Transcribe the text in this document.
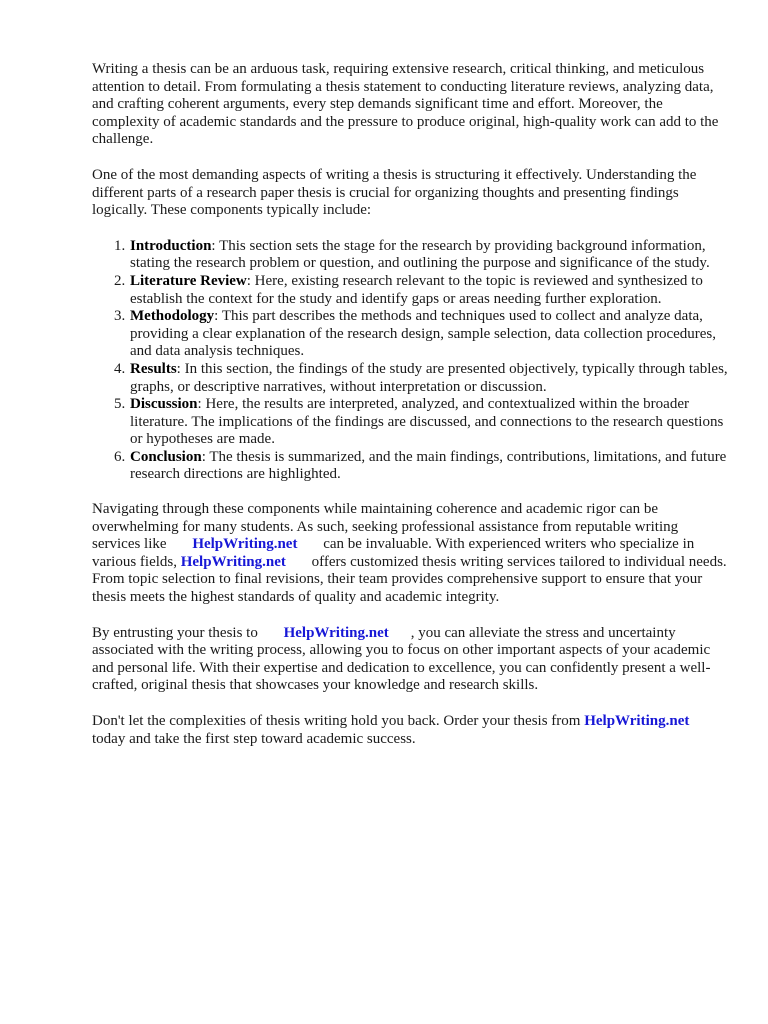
Writing a thesis can be an arduous task, requiring extensive research, critical thinking, and meticulous attention to detail. From formulating a thesis statement to conducting literature reviews, analyzing data, and crafting coherent arguments, every step demands significant time and effort. Moreover, the complexity of academic standards and the pressure to produce original, high-quality work can add to the challenge.

One of the most demanding aspects of writing a thesis is structuring it effectively. Understanding the different parts of a research paper thesis is crucial for organizing thoughts and presenting findings logically. These components typically include:

1. Introduction: This section sets the stage for the research by providing background information, stating the research problem or question, and outlining the purpose and significance of the study.
2. Literature Review: Here, existing research relevant to the topic is reviewed and synthesized to establish the context for the study and identify gaps or areas needing further exploration.
3. Methodology: This part describes the methods and techniques used to collect and analyze data, providing a clear explanation of the research design, sample selection, data collection procedures, and data analysis techniques.
4. Results: In this section, the findings of the study are presented objectively, typically through tables, graphs, or descriptive narratives, without interpretation or discussion.
5. Discussion: Here, the results are interpreted, analyzed, and contextualized within the broader literature. The implications of the findings are discussed, and connections to the research questions or hypotheses are made.
6. Conclusion: The thesis is summarized, and the main findings, contributions, limitations, and future research directions are highlighted.

Navigating through these components while maintaining coherence and academic rigor can be overwhelming for many students. As such, seeking professional assistance from reputable writing services like HelpWriting.net can be invaluable. With experienced writers who specialize in various fields, HelpWriting.net offers customized thesis writing services tailored to individual needs. From topic selection to final revisions, their team provides comprehensive support to ensure that your thesis meets the highest standards of quality and academic integrity.

By entrusting your thesis to HelpWriting.net , you can alleviate the stress and uncertainty associated with the writing process, allowing you to focus on other important aspects of your academic and personal life. With their expertise and dedication to excellence, you can confidently present a well-crafted, original thesis that showcases your knowledge and research skills.

Don't let the complexities of thesis writing hold you back. Order your thesis from HelpWriting.net today and take the first step toward academic success.
